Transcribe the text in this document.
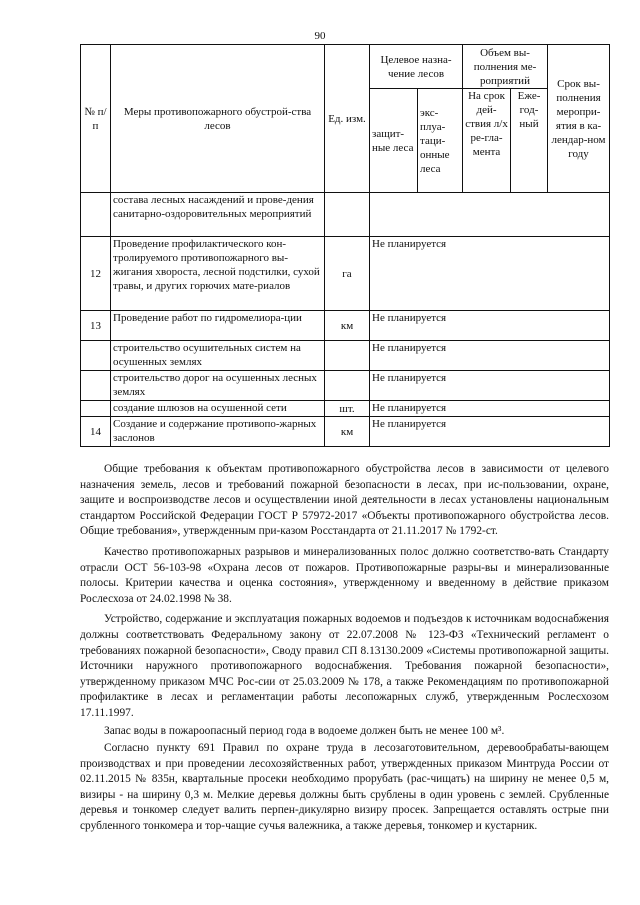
90
№ п/п	Меры противопожарного обустрой-ства лесов	Ед. изм.	Целевое назна-чение лесов		Объем вы-полнения ме-роприятий		Срок вы-полнения меропри-ятия в ка-лендар-ном году
			защит-ные леса	экс-плуа-таци-онные леса	На срок дей-ствия л/х ре-гла-мента	Еже-год-ный	
	состава лесных насаждений и прове-дения санитарно-оздоровительных мероприятий						
12	Проведение профилактического кон-тролируемого противопожарного вы-жигания хвороста, лесной подстилки, сухой травы, и других горючих мате-риалов	га	Не планируется				
13	Проведение работ по гидромелиора-ции	км	Не планируется				
	строительство осушительных систем на осушенных землях		Не планируется				
	строительство дорог на осушенных лесных землях		Не планируется				
	создание шлюзов на осушенной сети	шт.	Не планируется				
14	Создание и содержание противопо-жарных заслонов	км	Не планируется				

Общие требования к объектам противопожарного обустройства лесов в зависимости от целевого назначения земель, лесов и требований пожарной безопасности в лесах, при ис-пользовании, охране, защите и воспроизводстве лесов и осуществлении иной деятельности в лесах установлены национальным стандартом Российской Федерации ГОСТ Р 57972-2017 «Объекты противопожарного обустройства лесов. Общие требования», утвержденным при-казом Росстандарта от 21.11.2017 № 1792-ст.

Качество противопожарных разрывов и минерализованных полос должно соответство-вать Стандарту отрасли ОСТ 56-103-98 «Охрана лесов от пожаров. Противопожарные разры-вы и минерализованные полосы. Критерии качества и оценка состояния», утвержденному и введенному в действие приказом Рослесхоза от 24.02.1998 № 38.

Устройство, содержание и эксплуатация пожарных водоемов и подъездов к источникам водоснабжения должны соответствовать Федеральному закону от 22.07.2008 № 123-ФЗ «Технический регламент о требованиях пожарной безопасности», Своду правил СП 8.13130.2009 «Системы противопожарной защиты. Источники наружного противопожарного водоснабжения. Требования пожарной безопасности», утвержденному приказом МЧС Рос-сии от 25.03.2009 № 178, а также Рекомендациям по противопожарной профилактике в лесах и регламентации работы лесопожарных служб, утвержденным Рослесхозом 17.11.1997.

Запас воды в пожароопасный период года в водоеме должен быть не менее 100 м³.

Согласно пункту 691 Правил по охране труда в лесозаготовительном, деревообрабаты-вающем производствах и при проведении лесохозяйственных работ, утвержденных приказом Минтруда России от 02.11.2015 № 835н, квартальные просеки необходимо прорубать (рас-чищать) на ширину не менее 0,5 м, визиры - на ширину 0,3 м. Мелкие деревья должны быть срублены в один уровень с землей. Срубленные деревья и тонкомер следует валить перпен-дикулярно визиру просек. Запрещается оставлять острые пни срубленного тонкомера и тор-чащие сучья валежника, а также деревья, тонкомер и кустарник.
